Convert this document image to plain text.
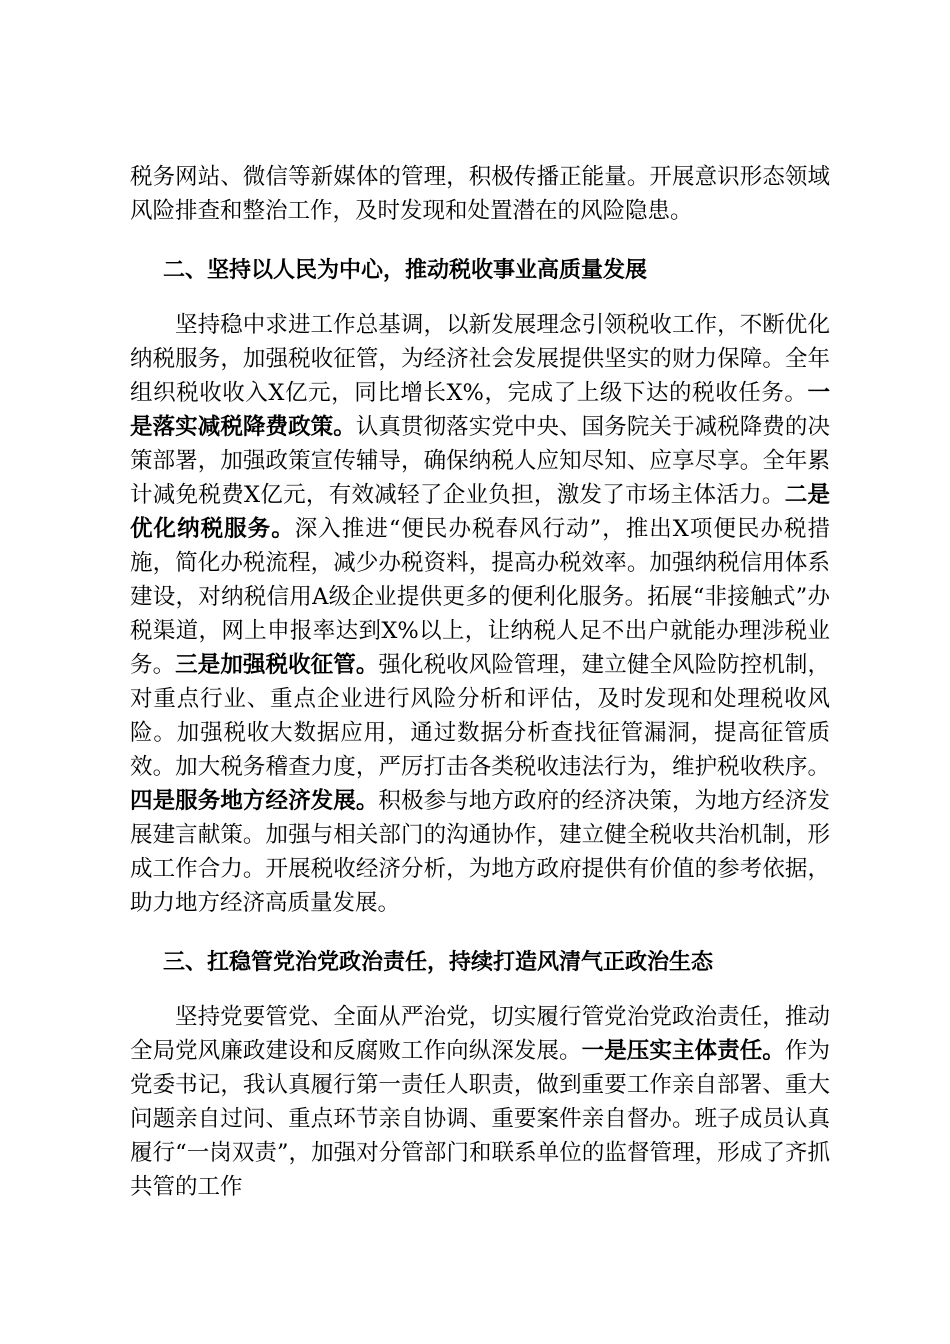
税务网站、微信等新媒体的管理，积极传播正能量。开展意识形态领域风险排查和整治工作，及时发现和处置潜在的风险隐患。

二、坚持以人民为中心，推动税收事业高质量发展

坚持稳中求进工作总基调，以新发展理念引领税收工作，不断优化纳税服务，加强税收征管，为经济社会发展提供坚实的财力保障。全年组织税收收入X亿元，同比增长X%，完成了上级下达的税收任务。一是落实减税降费政策。认真贯彻落实党中央、国务院关于减税降费的决策部署，加强政策宣传辅导，确保纳税人应知尽知、应享尽享。全年累计减免税费X亿元，有效减轻了企业负担，激发了市场主体活力。二是优化纳税服务。深入推进“便民办税春风行动”，推出X项便民办税措施，简化办税流程，减少办税资料，提高办税效率。加强纳税信用体系建设，对纳税信用A级企业提供更多的便利化服务。拓展“非接触式”办税渠道，网上申报率达到X%以上，让纳税人足不出户就能办理涉税业务。三是加强税收征管。强化税收风险管理，建立健全风险防控机制，对重点行业、重点企业进行风险分析和评估，及时发现和处理税收风险。加强税收大数据应用，通过数据分析查找征管漏洞，提高征管质效。加大税务稽查力度，严厉打击各类税收违法行为，维护税收秩序。四是服务地方经济发展。积极参与地方政府的经济决策，为地方经济发展建言献策。加强与相关部门的沟通协作，建立健全税收共治机制，形成工作合力。开展税收经济分析，为地方政府提供有价值的参考依据，助力地方经济高质量发展。

三、扛稳管党治党政治责任，持续打造风清气正政治生态

坚持党要管党、全面从严治党，切实履行管党治党政治责任，推动全局党风廉政建设和反腐败工作向纵深发展。一是压实主体责任。作为党委书记，我认真履行第一责任人职责，做到重要工作亲自部署、重大问题亲自过问、重点环节亲自协调、重要案件亲自督办。班子成员认真履行“一岗双责”，加强对分管部门和联系单位的监督管理，形成了齐抓共管的工作
